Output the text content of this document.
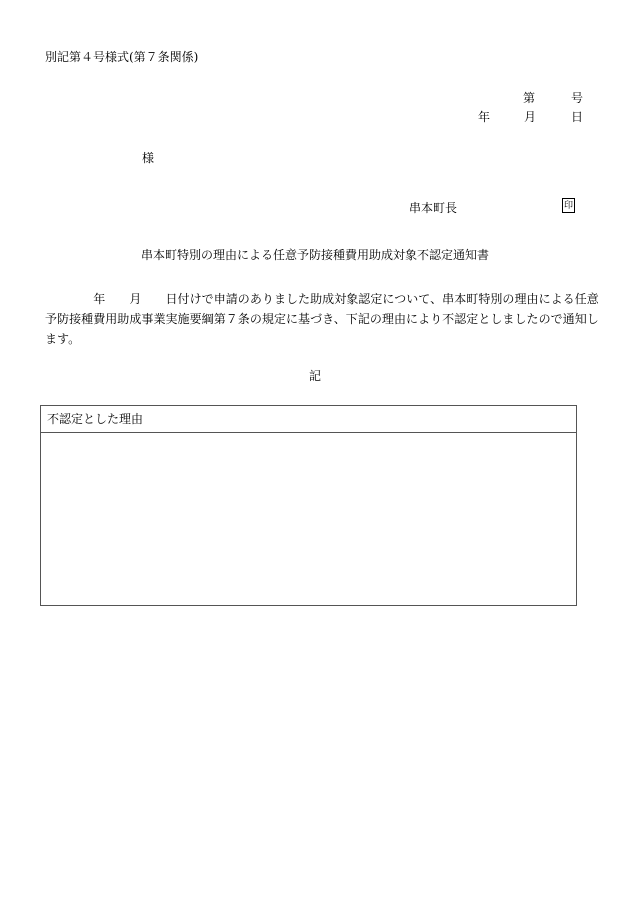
別記第４号様式(第７条関係)
第	号
年	月	日
様
串本町長	印
串本町特別の理由による任意予防接種費用助成対象不認定通知書
　　　　年　　月　　日付けで申請のありました助成対象認定について、串本町特別の理由による任意
予防接種費用助成事業実施要綱第７条の規定に基づき、下記の理由により不認定としましたので通知し
ます。
記
不認定とした理由
